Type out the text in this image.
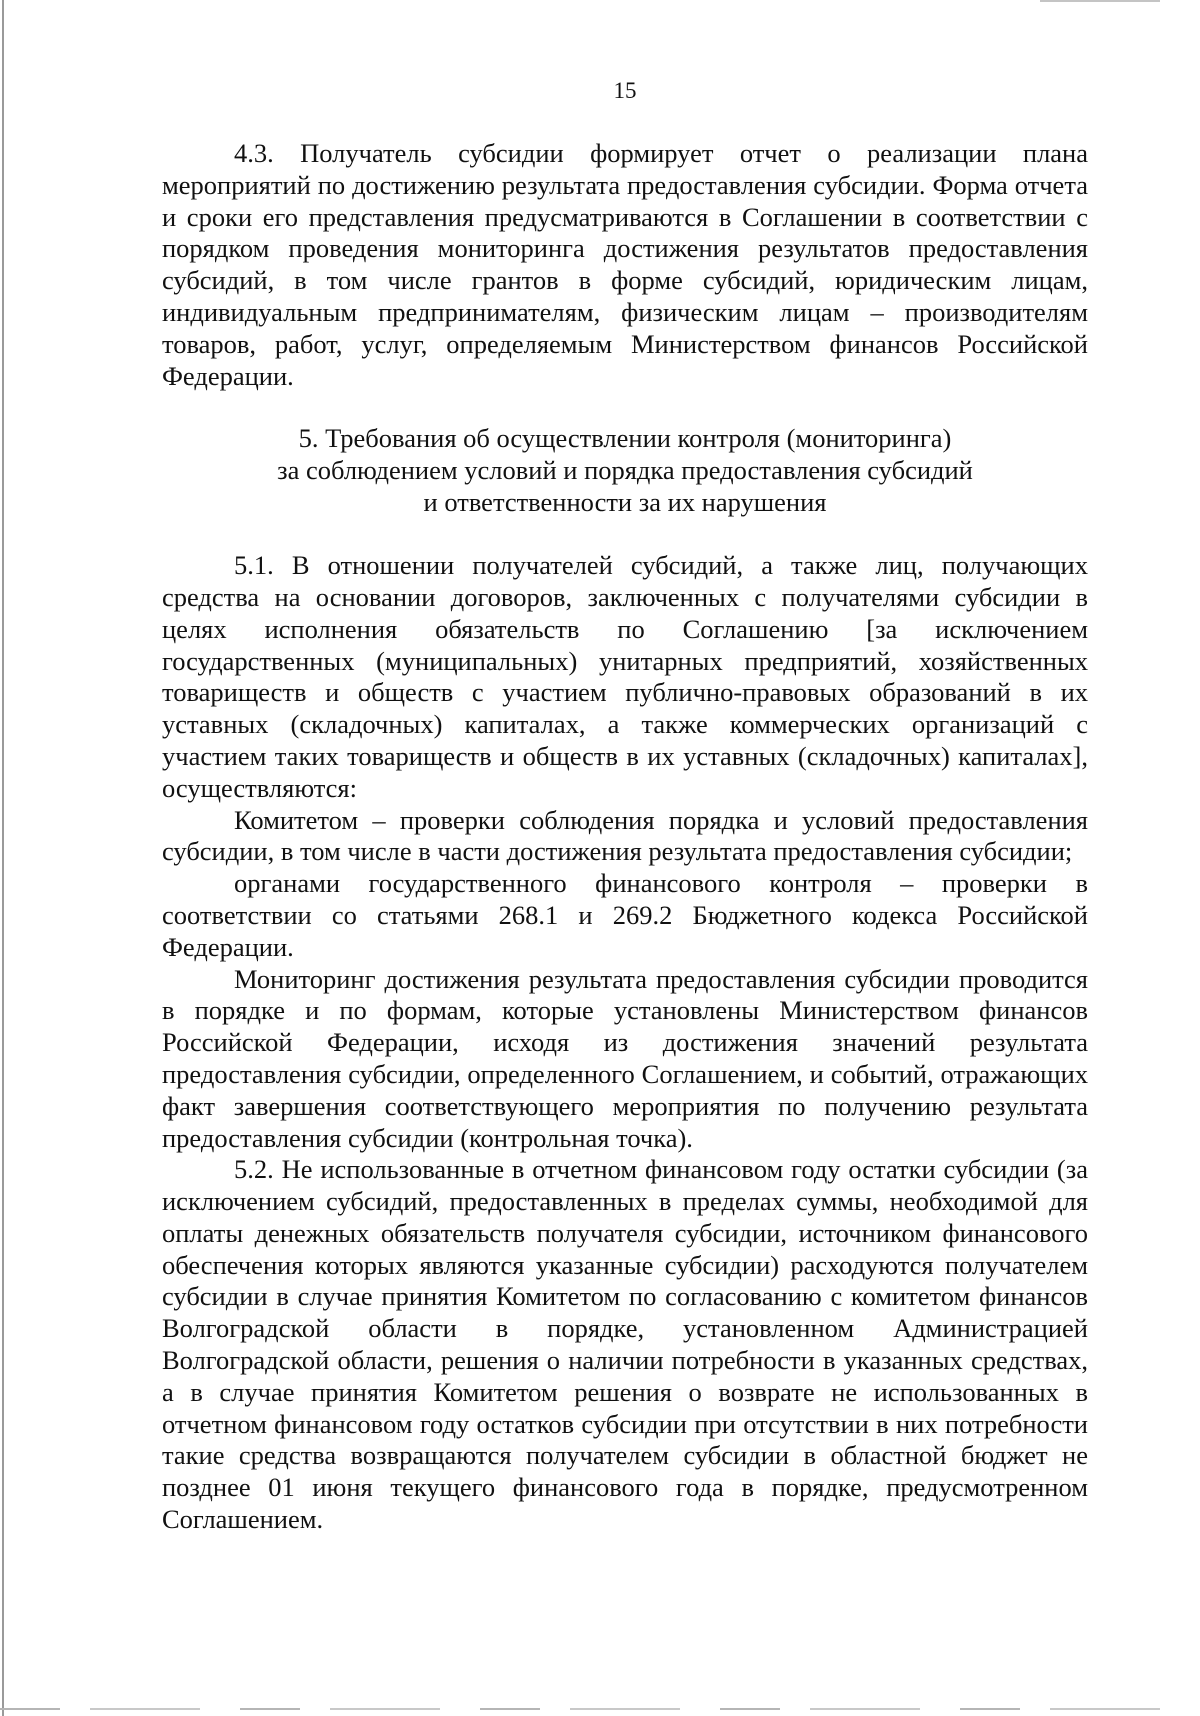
15

4.3. Получатель субсидии формирует отчет о реализации плана мероприятий по достижению результата предоставления субсидии. Форма отчета и сроки его представления предусматриваются в Соглашении в соответствии с порядком проведения мониторинга достижения результатов предоставления субсидий, в том числе грантов в форме субсидий, юридическим лицам, индивидуальным предпринимателям, физическим лицам – производителям товаров, работ, услуг, определяемым Министерством финансов Российской Федерации.

5. Требования об осуществлении контроля (мониторинга)
за соблюдением условий и порядка предоставления субсидий
и ответственности за их нарушения

5.1. В отношении получателей субсидий, а также лиц, получающих средства на основании договоров, заключенных с получателями субсидии в целях исполнения обязательств по Соглашению [за исключением государственных (муниципальных) унитарных предприятий, хозяйственных товариществ и обществ с участием публично-правовых образований в их уставных (складочных) капиталах, а также коммерческих организаций с участием таких товариществ и обществ в их уставных (складочных) капиталах], осуществляются:

Комитетом – проверки соблюдения порядка и условий предоставления субсидии, в том числе в части достижения результата предоставления субсидии;

органами государственного финансового контроля – проверки в соответствии со статьями 268.1 и 269.2 Бюджетного кодекса Российской Федерации.

Мониторинг достижения результата предоставления субсидии проводится в порядке и по формам, которые установлены Министерством финансов Российской Федерации, исходя из достижения значений результата предоставления субсидии, определенного Соглашением, и событий, отражающих факт завершения соответствующего мероприятия по получению результата предоставления субсидии (контрольная точка).

5.2. Не использованные в отчетном финансовом году остатки субсидии (за исключением субсидий, предоставленных в пределах суммы, необходимой для оплаты денежных обязательств получателя субсидии, источником финансового обеспечения которых являются указанные субсидии) расходуются получателем субсидии в случае принятия Комитетом по согласованию с комитетом финансов Волгоградской области в порядке, установленном Администрацией Волгоградской области, решения о наличии потребности в указанных средствах, а в случае принятия Комитетом решения о возврате не использованных в отчетном финансовом году остатков субсидии при отсутствии в них потребности такие средства возвращаются получателем субсидии в областной бюджет не позднее 01 июня текущего финансового года в порядке, предусмотренном Соглашением.
